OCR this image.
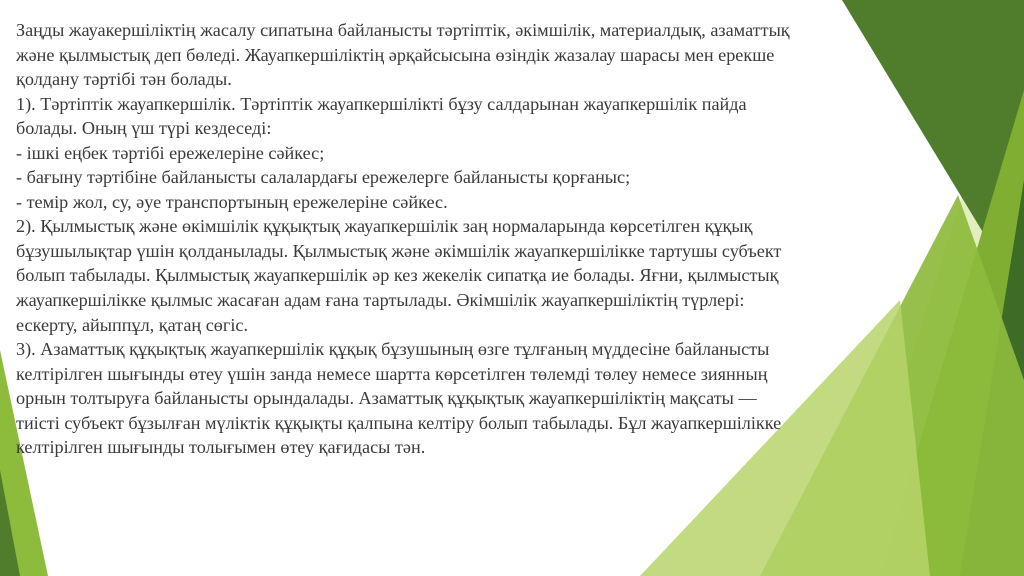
Заңды жауакершіліктің жасалу сипатына байланысты тәртіптік, әкімшілік, материалдық, азаматтық
және қылмыстық деп бөледі. Жауапкершіліктің әрқайсысына өзіндік жазалау шарасы мен ерекше
қолдану тәртібі тән болады.
1). Тәртіптік жауапкершілік. Тәртіптік жауапкершілікті бұзу салдарынан жауапкершілік пайда
болады. Оның үш түрі кездеседі:
- ішкі еңбек тәртібі ережелеріне сәйкес;
- бағыну тәртібіне байланысты салалардағы ережелерге байланысты қорғаныс;
- темір жол, су, әуе транспортының ережелеріне сәйкес.
2). Қылмыстық және өкімшілік құқықтық жауапкершілік заң нормаларында көрсетілген құқық
бұзушылықтар үшін қолданылады. Қылмыстық және әкімшілік жауапкершілікке тартушы субъект
болып табылады. Қылмыстық жауапкершілік әр кез жекелік сипатқа ие болады. Яғни, қылмыстық
жауапкершілікке қылмыс жасаған адам ғана тартылады. Әкімшілік жауапкершіліктің түрлері:
ескерту, айыппұл, қатаң сөгіс.
3). Азаматтық құқықтық жауапкершілік құқық бұзушының өзге тұлғаның мүддесіне байланысты
келтірілген шығынды өтеу үшін занда немесе шартта көрсетілген төлемді төлеу немесе зиянның
орнын толтыруға байланысты орындалады. Азаматтық құқықтық жауапкершіліктің мақсаты —
тиісті субъект бұзылған мүліктік құқықты қалпына келтіру болып табылады. Бұл жауапкершілікке
келтірілген шығынды толығымен өтеу қағидасы тән.
